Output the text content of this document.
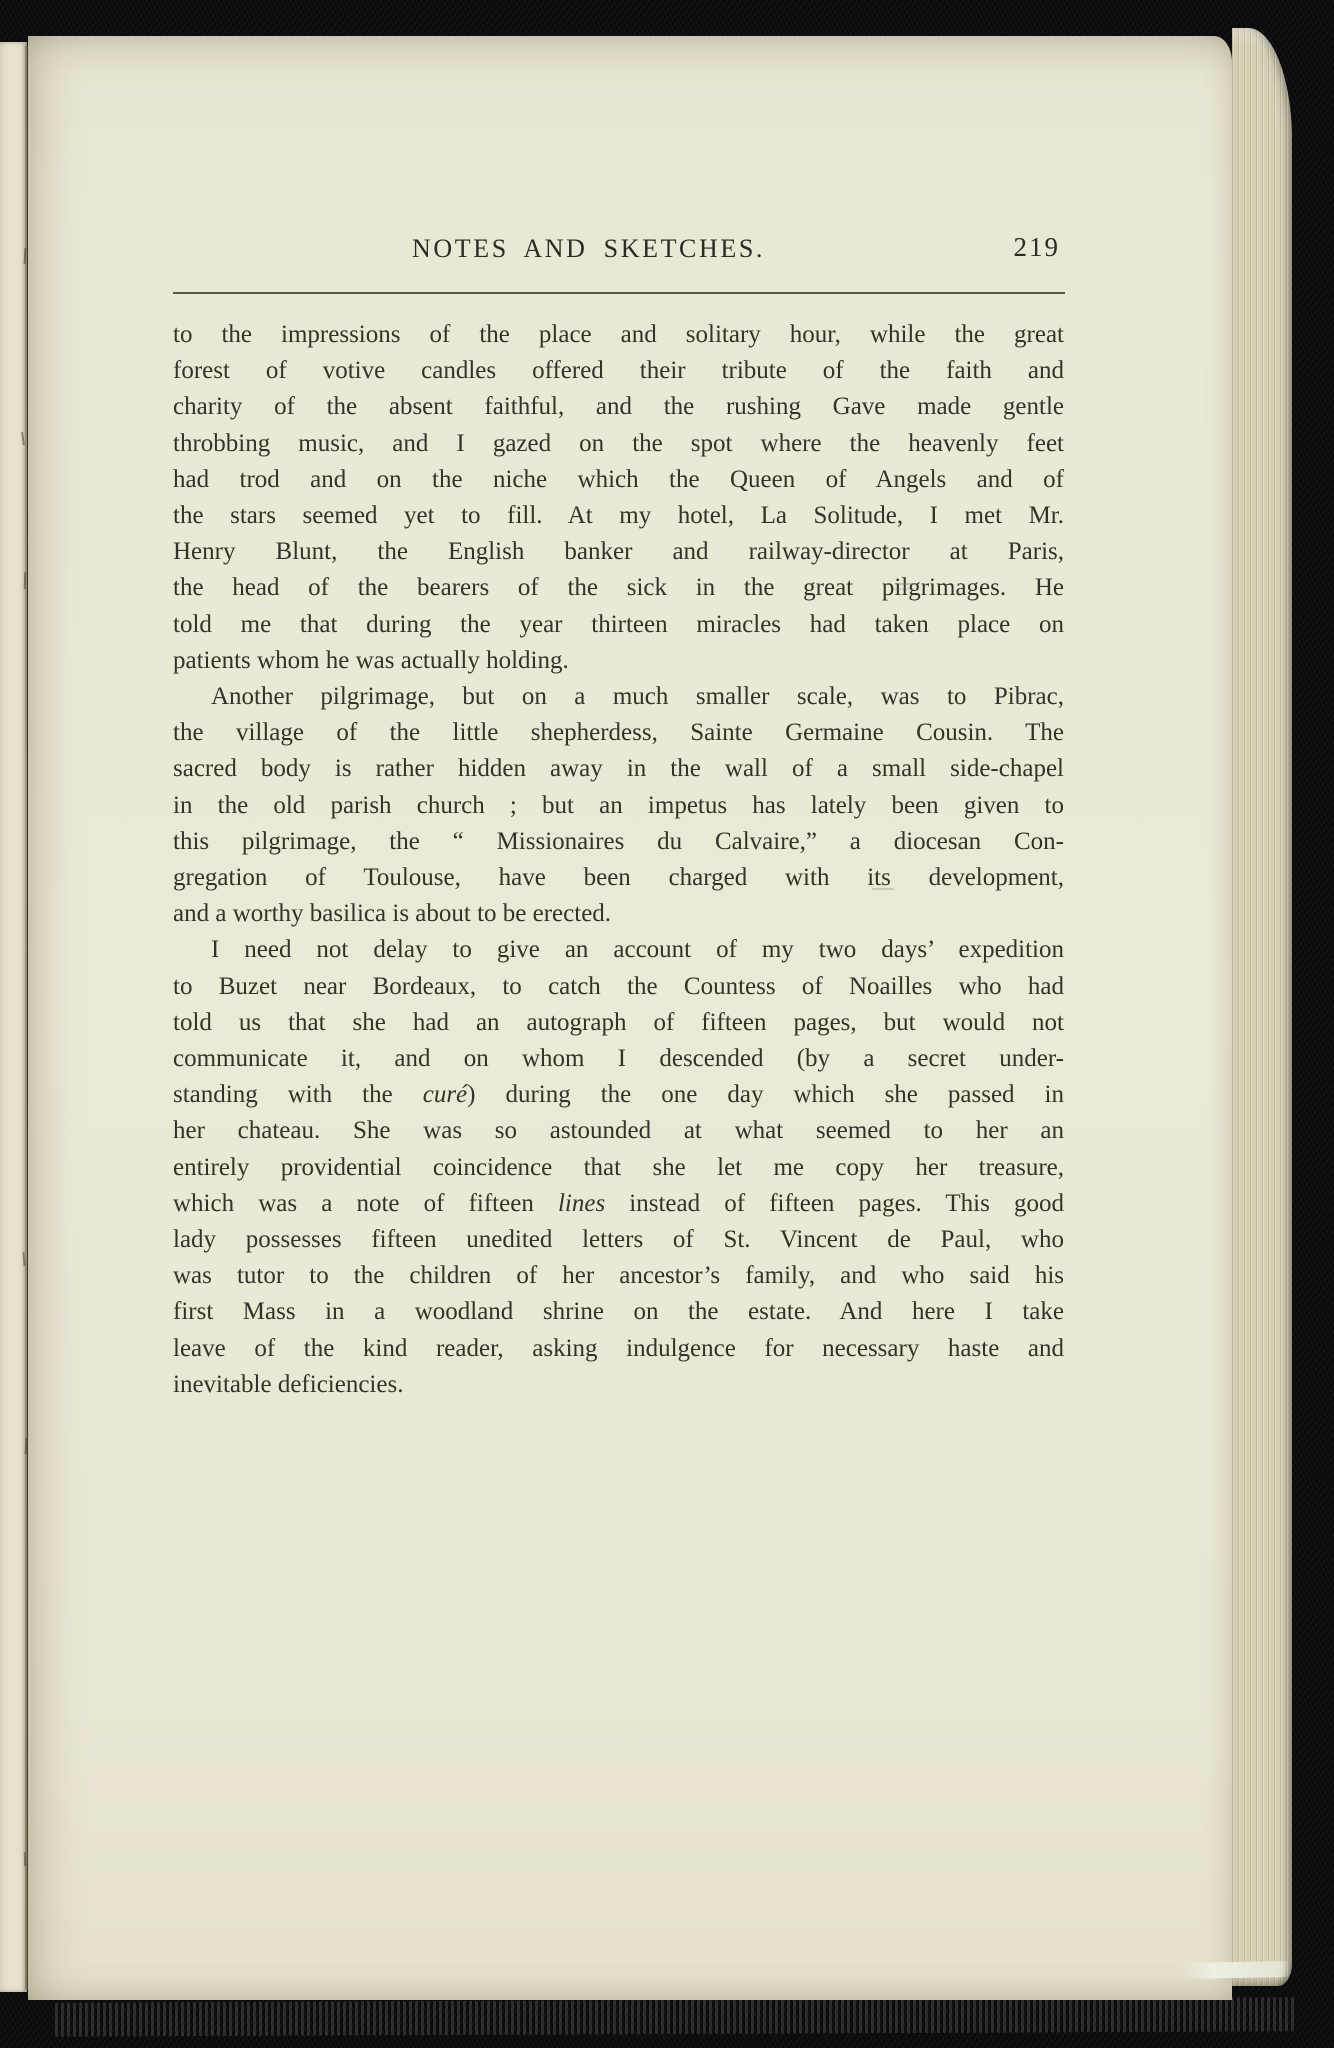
NOTES AND SKETCHES.	219
to the impressions of the place and solitary hour, while the great
forest of votive candles offered their tribute of the faith and
charity of the absent faithful, and the rushing Gave made gentle
throbbing music, and I gazed on the spot where the heavenly feet
had trod and on the niche which the Queen of Angels and of
the stars seemed yet to fill. At my hotel, La Solitude, I met Mr.
Henry Blunt, the English banker and railway-director at Paris,
the head of the bearers of the sick in the great pilgrimages. He
told me that during the year thirteen miracles had taken place on
patients whom he was actually holding.
Another pilgrimage, but on a much smaller scale, was to Pibrac,
the village of the little shepherdess, Sainte Germaine Cousin. The
sacred body is rather hidden away in the wall of a small side-chapel
in the old parish church ; but an impetus has lately been given to
this pilgrimage, the “ Missionaires du Calvaire,” a diocesan Con-
gregation of Toulouse, have been charged with its development,
and a worthy basilica is about to be erected.
I need not delay to give an account of my two days’ expedition
to Buzet near Bordeaux, to catch the Countess of Noailles who had
told us that she had an autograph of fifteen pages, but would not
communicate it, and on whom I descended (by a secret under-
standing with the curé) during the one day which she passed in
her chateau. She was so astounded at what seemed to her an
entirely providential coincidence that she let me copy her treasure,
which was a note of fifteen lines instead of fifteen pages. This good
lady possesses fifteen unedited letters of St. Vincent de Paul, who
was tutor to the children of her ancestor’s family, and who said his
first Mass in a woodland shrine on the estate. And here I take
leave of the kind reader, asking indulgence for necessary haste and
inevitable deficiencies.
